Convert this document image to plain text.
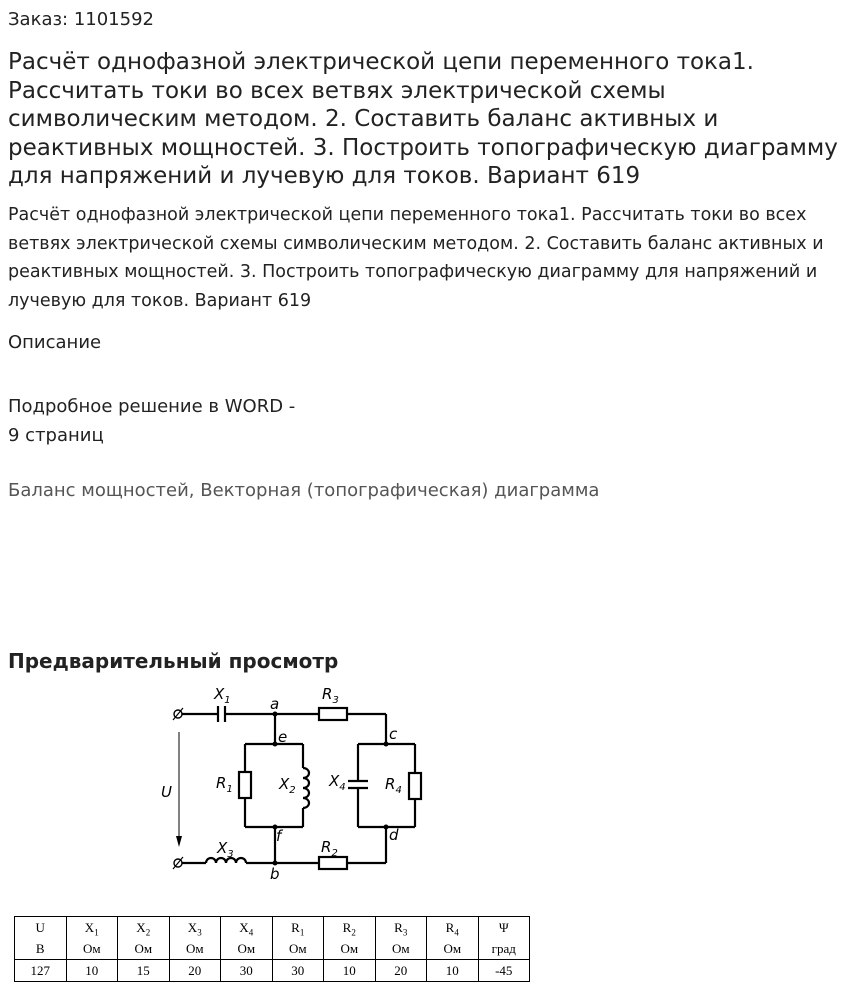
Заказ: 1101592
Расчёт однофазной электрической цепи переменного тока1. Рассчитать токи во всех ветвях электрической схемы символическим методом. 2. Составить баланс активных и реактивных мощностей. 3. Построить топографическую диаграмму для напряжений и лучевую для токов. Вариант 619

Расчёт однофазной электрической цепи переменного тока1. Рассчитать токи во всех ветвях электрической схемы символическим методом. 2. Составить баланс активных и реактивных мощностей. 3. Построить топографическую диаграмму для напряжений и лучевую для токов. Вариант 619

Описание
Подробное решение в WORD -
9 страниц
Баланс мощностей, Векторная (топографическая) диаграмма
Предварительный просмотр
$X_1$	a
$R_3$
c
e
$R_1$	$X_2$
$X_4$	$R_4$
f	d
$R_2$
$X_3$
b
U
U	$X_1$	$X_2$	$X_3$	$X_4$	$R_1$	$R_2$	$R_3$	$R_4$	Ψ
В	Ом	Ом	Ом	Ом	Ом	Ом	Ом	Ом	град
127	10	15	20	30	30	10	20	10	-45
